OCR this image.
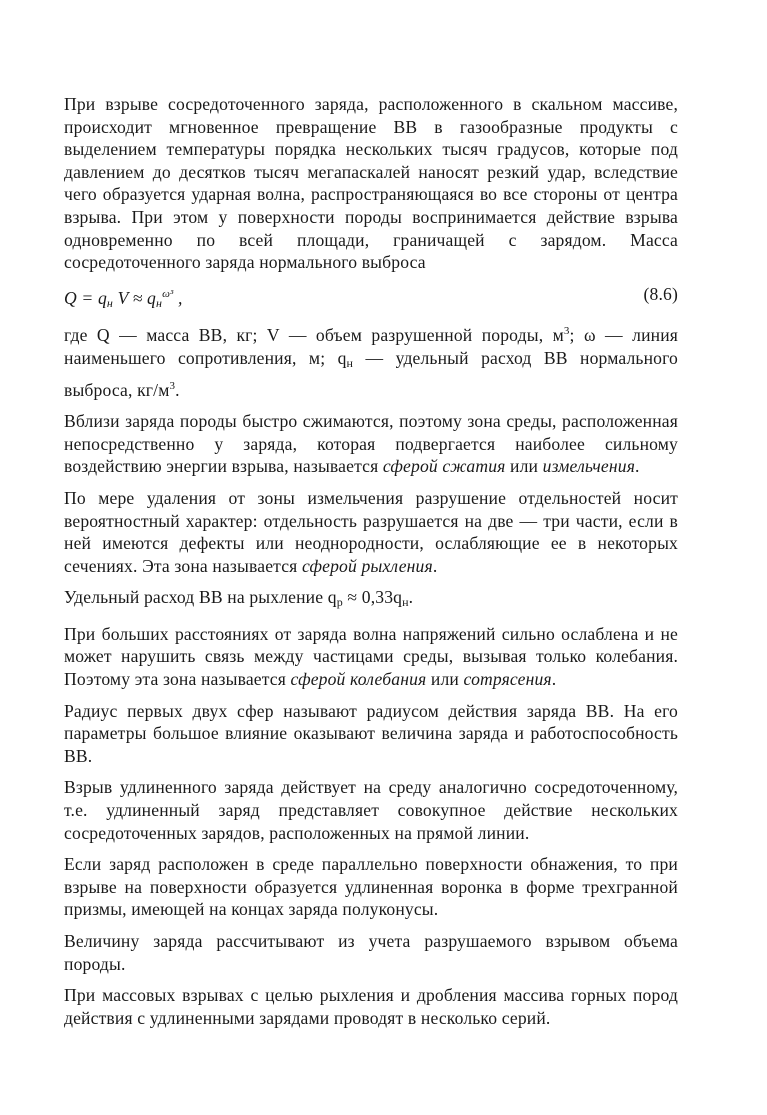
При взрыве сосредоточенного заряда, расположенного в скальном массиве, происходит мгновенное превращение ВВ в газообразные продукты с выделением температуры порядка нескольких тысяч градусов, которые под давлением до десятков тысяч мегапаскалей наносят резкий удар, вследствие чего образуется ударная волна, распространяющаяся во все стороны от центра взрыва. При этом у поверхности породы воспринимается действие взрыва одновременно по всей площади, граничащей с зарядом. Масса сосредоточенного заряда нормального выброса

$Q = q_н$ $V \approx q_н^{\omega^3}$ ,	(8.6)

где Q — масса ВВ, кг; V — объем разрушенной породы, $м^3$; ω — линия наименьшего сопротивления, м; $q_н$ — удельный расход ВВ нормального выброса, $кг/м^3$.

Вблизи заряда породы быстро сжимаются, поэтому зона среды, расположенная непосредственно у заряда, которая подвергается наиболее сильному воздействию энергии взрыва, называется сферой сжатия или измельчения.

По мере удаления от зоны измельчения разрушение отдельностей носит вероятностный характер: отдельность разрушается на две — три части, если в ней имеются дефекты или неоднородности, ослабляющие ее в некоторых сечениях. Эта зона называется сферой рыхления.

Удельный расход ВВ на рыхление $q_р \approx 0,33q_н$.

При больших расстояниях от заряда волна напряжений сильно ослаблена и не может нарушить связь между частицами среды, вызывая только колебания. Поэтому эта зона называется сферой колебания или сотрясения.

Радиус первых двух сфер называют радиусом действия заряда ВВ. На его параметры большое влияние оказывают величина заряда и работоспособность ВВ.

Взрыв удлиненного заряда действует на среду аналогично сосредоточенному, т.е. удлиненный заряд представляет совокупное действие нескольких сосредоточенных зарядов, расположенных на прямой линии.

Если заряд расположен в среде параллельно поверхности обнажения, то при взрыве на поверхности образуется удлиненная воронка в форме трехгранной призмы, имеющей на концах заряда полуконусы.

Величину заряда рассчитывают из учета разрушаемого взрывом объема породы.

При массовых взрывах с целью рыхления и дробления массива горных пород действия с удлиненными зарядами проводят в несколько серий.
